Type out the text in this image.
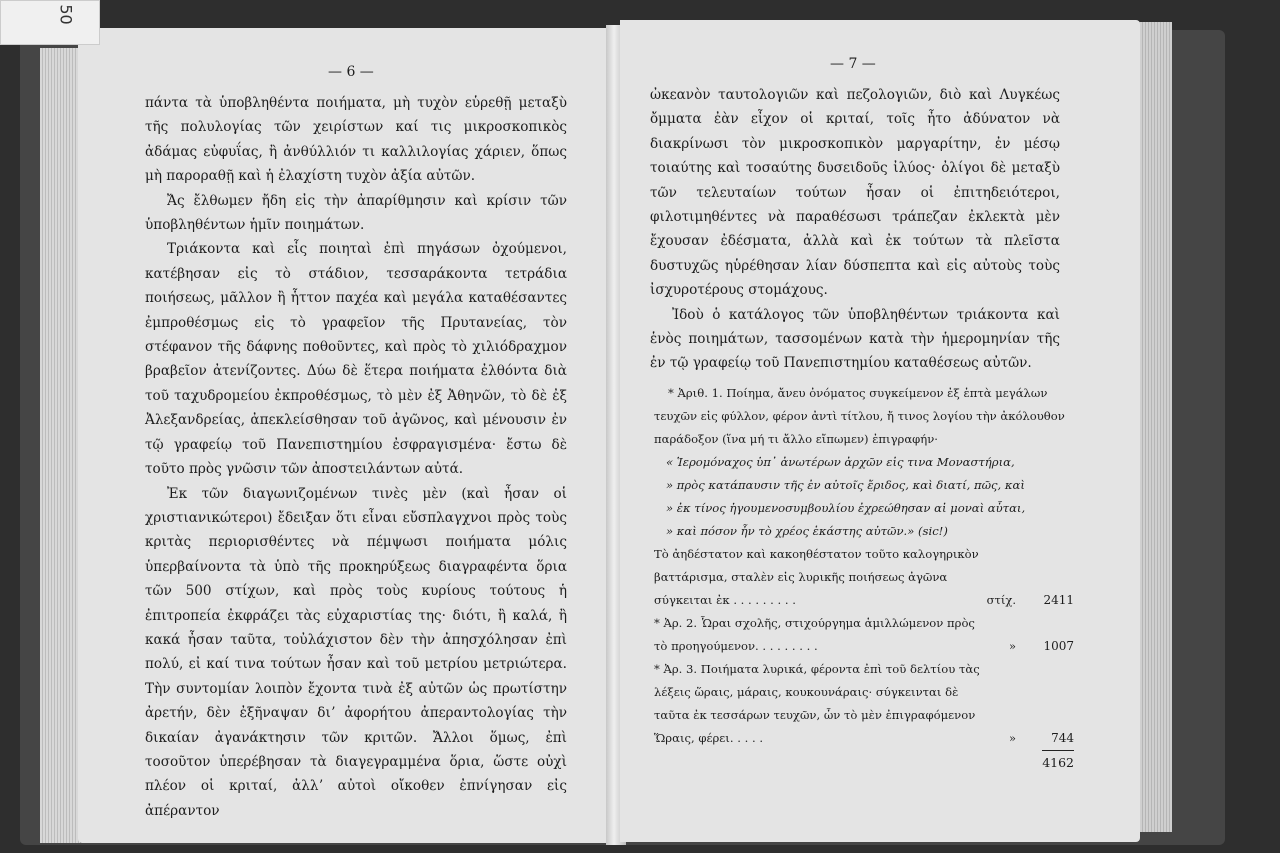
— 6 —

πάντα τὰ ὑποβληθέντα ποιήματα, μὴ τυχὸν εὑρεθῇ μεταξὺ τῆς πολυλογίας τῶν χειρίστων καί τις μικροσκοπικὸς ἀδάμας εὐφυΐας, ἢ ἀνθύλλιόν τι καλλιλογίας χάριεν, ὅπως μὴ παροραθῇ καὶ ἡ ἐλαχίστη τυχὸν ἀξία αὐτῶν.

Ἄς ἔλθωμεν ἤδη εἰς τὴν ἀπαρίθμησιν καὶ κρίσιν τῶν ὑποβληθέντων ἡμῖν ποιημάτων.

Τριάκοντα καὶ εἷς ποιηταὶ ἐπὶ πηγάσων ὀχούμενοι, κατέβησαν εἰς τὸ στάδιον, τεσσαράκοντα τετράδια ποιήσεως, μᾶλλον ἢ ἧττον παχέα καὶ μεγάλα καταθέσαντες ἐμπροθέσμως εἰς τὸ γραφεῖον τῆς Πρυτανείας, τὸν στέφανον τῆς δάφνης ποθοῦντες, καὶ πρὸς τὸ χιλιόδραχμον βραβεῖον ἀτενίζοντες. Δύω δὲ ἕτερα ποιήματα ἐλθόντα διὰ τοῦ ταχυδρομείου ἐκπροθέσμως, τὸ μὲν ἐξ Ἀθηνῶν, τὸ δὲ ἐξ Ἀλεξανδρείας, ἀπεκλείσθησαν τοῦ ἀγῶνος, καὶ μένουσιν ἐν τῷ γραφείῳ τοῦ Πανεπιστημίου ἐσφραγισμένα· ἔστω δὲ τοῦτο πρὸς γνῶσιν τῶν ἀποστειλάντων αὐτά.

Ἐκ τῶν διαγωνιζομένων τινὲς μὲν (καὶ ἦσαν οἱ χριστιανικώτεροι) ἔδειξαν ὅτι εἶναι εὔσπλαγχνοι πρὸς τοὺς κριτὰς περιορισθέντες νὰ πέμψωσι ποιήματα μόλις ὑπερβαίνοντα τὰ ὑπὸ τῆς προκηρύξεως διαγραφέντα ὅρια τῶν 500 στίχων, καὶ πρὸς τοὺς κυρίους τούτους ἡ ἐπιτροπεία ἐκφράζει τὰς εὐχαριστίας της· διότι, ἢ καλά, ἢ κακά ἦσαν ταῦτα, τοὐλάχιστον δὲν τὴν ἀπησχόλησαν ἐπὶ πολύ, εἰ καί τινα τούτων ἦσαν καὶ τοῦ μετρίου μετριώτερα. Τὴν συντομίαν λοιπὸν ἔχοντα τινὰ ἐξ αὐτῶν ὡς πρωτίστην ἀρετήν, δὲν ἐξῆναψαν διʼ ἀφορήτου ἀπεραντολογίας τὴν δικαίαν ἀγανάκτησιν τῶν κριτῶν. Ἄλλοι ὅμως, ἐπὶ τοσοῦτον ὑπερέβησαν τὰ διαγεγραμμένα ὅρια, ὥστε οὐχὶ πλέον οἱ κριταί, ἀλλʼ αὐτοὶ οἴκοθεν ἐπνίγησαν εἰς ἀπέραντον

— 7 —

ὠκεανὸν ταυτολογιῶν καὶ πεζολογιῶν, διὸ καὶ Λυγκέως ὄμματα ἐὰν εἶχον οἱ κριταί, τοῖς ἦτο ἀδύνατον νὰ διακρίνωσι τὸν μικροσκοπικὸν μαργαρίτην, ἐν μέσῳ τοιαύτης καὶ τοσαύτης δυσειδοῦς ἰλύος· ὀλίγοι δὲ μεταξὺ τῶν τελευταίων τούτων ἦσαν οἱ ἐπιτηδειότεροι, φιλοτιμηθέντες νὰ παραθέσωσι τράπεζαν ἐκλεκτὰ μὲν ἔχουσαν ἐδέσματα, ἀλλὰ καὶ ἐκ τούτων τὰ πλεῖστα δυστυχῶς ηὑρέθησαν λίαν δύσπεπτα καὶ εἰς αὐτοὺς τοὺς ἰσχυροτέρους στομάχους.

Ἰδοὺ ὁ κατάλογος τῶν ὑποβληθέντων τριάκοντα καὶ ἑνὸς ποιημάτων, τασσομένων κατὰ τὴν ἡμερομηνίαν τῆς ἐν τῷ γραφείῳ τοῦ Πανεπιστημίου καταθέσεως αὐτῶν.

* Ἀριθ. 1. Ποίημα, ἄνευ ὀνόματος συγκείμενον ἐξ ἑπτὰ μεγάλων τευχῶν εἰς φύλλον, φέρον ἀντὶ τίτλου, ἤ τινος λογίου τὴν ἀκόλουθον παράδοξον (ἵνα μή τι ἄλλο εἴπωμεν) ἐπιγραφήν·

« Ἱερομόναχος ὑπ᾽ ἀνωτέρων ἀρχῶν εἰς τινα Μοναστήρια,

» πρὸς κατάπαυσιν τῆς ἐν αὐτοῖς ἔριδος, καὶ διατί, πῶς, καὶ

» ἐκ τίνος ἡγουμενοσυμβουλίου ἐχρεώθησαν αἱ μοναὶ αὗται,

» καὶ πόσον ἦν τὸ χρέος ἑκάστης αὐτῶν.» (sic!)

Τὸ ἀηδέστατον καὶ κακοηθέστατον τοῦτο καλογηρικὸν βαττάρισμα, σταλὲν εἰς λυρικῆς ποιήσεως ἀγῶνα σύγκειται ἐκ . . . . . . . . .	στίχ. 2411
* Ἀρ. 2. Ὧραι σχολῆς, στιχούργημα ἁμιλλώμενον πρὸς τὸ προηγούμενον. . . . . . . . .	» 1007
* Ἀρ. 3. Ποιήματα λυρικά, φέροντα ἐπὶ τοῦ δελτίου τὰς λέξεις ὥραις, μάραις, κουκουνάραις· σύγκεινται δὲ ταῦτα ἐκ τεσσάρων τευχῶν, ὧν τὸ μὲν ἐπιγραφόμενον Ὥραις, φέρει. . . . .	»	744
4162
50
